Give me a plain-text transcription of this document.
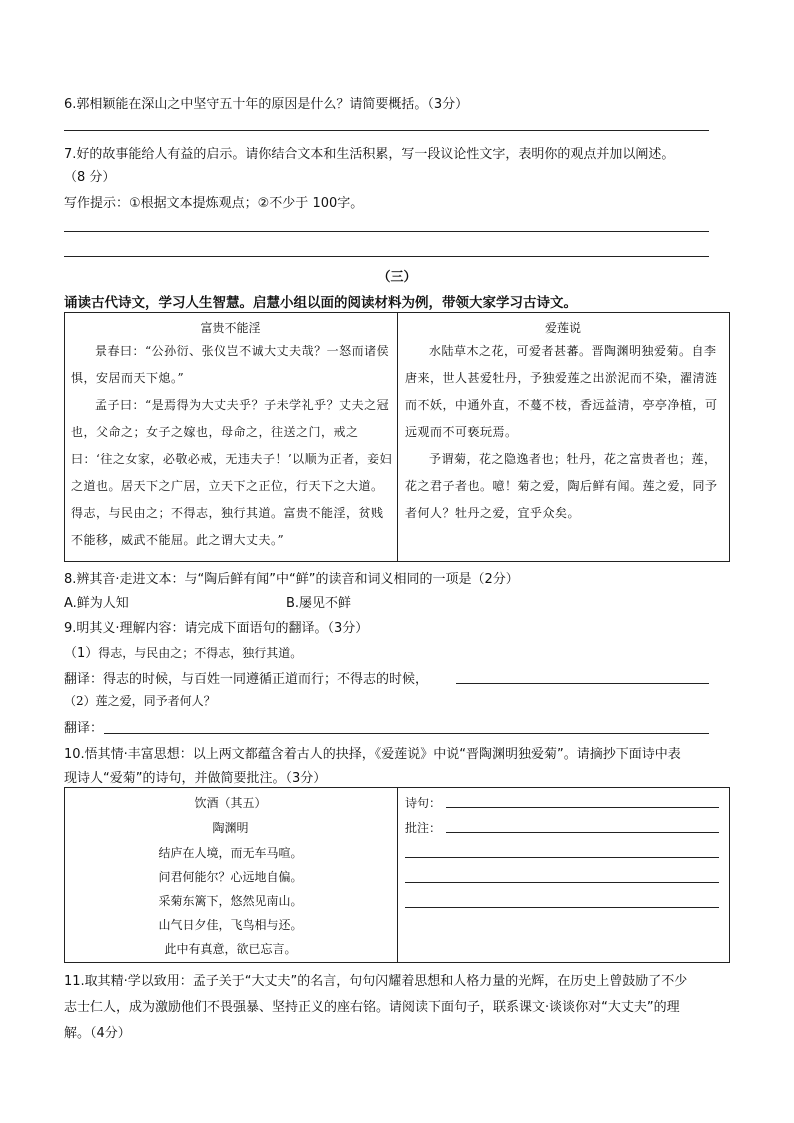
6.郭相颖能在深山之中坚守五十年的原因是什么？请简要概括。（3分）
7.好的故事能给人有益的启示。请你结合文本和生活积累，写一段议论性文字，表明你的观点并加以阐述。
（8 分）
写作提示：①根据文本提炼观点；②不少于 100字。
（三）
诵读古代诗文，学习人生智慧。启慧小组以面的阅读材料为例，带领大家学习古诗文。
富贵不能淫
景春曰：“公孙衍、张仪岂不诚大丈夫哉？一怒而诸侯惧，安居而天下熄。”
孟子曰：“是焉得为大丈夫乎？子未学礼乎？丈夫之冠也，父命之；女子之嫁也，母命之，往送之门，戒之曰：‘往之女家，必敬必戒，无违夫子！’以顺为正者，妾妇之道也。居天下之广居，立天下之正位，行天下之大道。得志，与民由之；不得志，独行其道。富贵不能淫，贫贱不能移，威武不能屈。此之谓大丈夫。”
爱莲说
水陆草木之花，可爱者甚蕃。晋陶渊明独爱菊。自李唐来，世人甚爱牡丹，予独爱莲之出淤泥而不染，濯清涟而不妖，中通外直，不蔓不枝，香远益清，亭亭净植，可远观而不可亵玩焉。
予谓菊，花之隐逸者也；牡丹，花之富贵者也；莲，花之君子者也。噫！菊之爱，陶后鲜有闻。莲之爱，同予者何人？牡丹之爱，宜乎众矣。
8.辨其音·走进文本：与“陶后鲜有闻”中“鲜”的读音和词义相同的一项是（2分）
A.鲜为人知	B.屡见不鲜
9.明其义·理解内容：请完成下面语句的翻译。（3分）
（1）得志，与民由之；不得志，独行其道。
翻译：得志的时候，与百姓一同遵循正道而行；不得志的时候，
（2）莲之爱，同予者何人？
翻译：
10.悟其情·丰富思想：以上两文都蕴含着古人的抉择，《爱莲说》中说“晋陶渊明独爱菊”。请摘抄下面诗中表
现诗人“爱菊”的诗句，并做简要批注。（3分）
饮酒（其五）
陶渊明
结庐在人境，而无车马喧。
问君何能尔？心远地自偏。
采菊东篱下，悠然见南山。
山气日夕佳，飞鸟相与还。
此中有真意，欲已忘言。
诗句：
批注：
11.取其精·学以致用：孟子关于“大丈夫”的名言，句句闪耀着思想和人格力量的光辉，在历史上曾鼓励了不少
志士仁人，成为激励他们不畏强暴、坚持正义的座右铭。请阅读下面句子，联系课文·谈谈你对“大丈夫”的理
解。（4分）
